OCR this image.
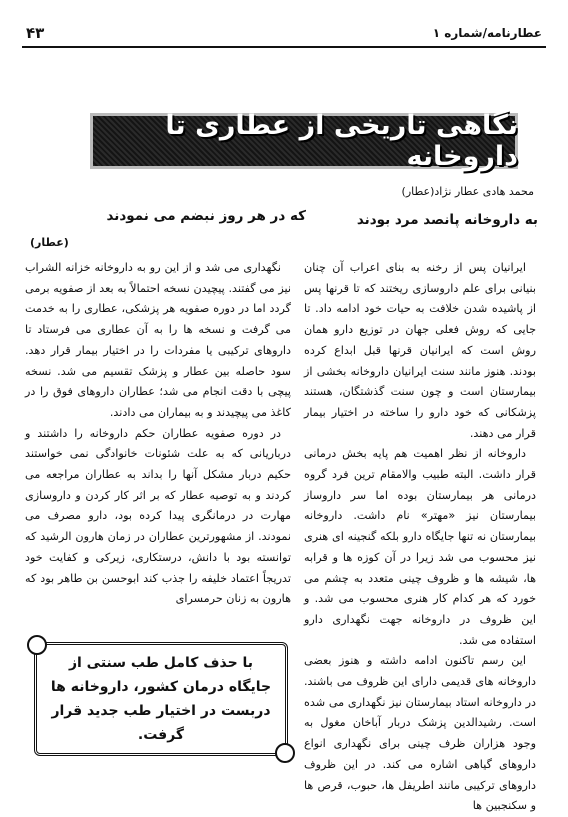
عطارنامه/شماره ۱
۴۳
نگاهی تاریخی از عطاری تا داروخانه
محمد هادی عطار نژاد(عطار)
به داروخانه پانصد مرد بودند
که در هر روز نبضم می نمودند
(عطار)

ایرانیان پس از رخنه به بنای اعراب آن چنان بنیانی برای علم داروسازی ریختند که تا قرنها پس از پاشیده شدن خلافت به حیات خود ادامه داد. تا جایی که روش فعلی جهان در توزیع دارو همان روش است که ایرانیان قرنها قبل ابداع کرده بودند. هنوز مانند سنت ایرانیان داروخانه بخشی از بیمارستان است و چون سنت گذشتگان، هستند پزشکانی که خود دارو را ساخته در اختیار بیمار قرار می دهند.

داروخانه از نظر اهمیت هم پایه بخش درمانی قرار داشت. البته طبیب والامقام ترین فرد گروه درمانی هر بیمارستان بوده اما سر داروساز بیمارستان نیز «مهتر» نام داشت. داروخانه بیمارستان نه تنها جایگاه دارو بلکه گنجینه ای هنری نیز محسوب می شد زیرا در آن کوزه ها و قرابه ها، شیشه ها و ظروف چینی متعدد به چشم می خورد که هر کدام کار هنری محسوب می شد. و این ظروف در داروخانه جهت نگهداری دارو استفاده می شد.

این رسم تاکنون ادامه داشته و هنوز بعضی داروخانه های قدیمی دارای این ظروف می باشند. در داروخانه استاد بیمارستان نیز نگهداری می شده است. رشیدالدین پزشک دربار آباخان مغول به وجود هزاران ظرف چینی برای نگهداری انواع داروهای گیاهی اشاره می کند. در این ظروف داروهای ترکیبی مانند اطریفل ها، حبوب، قرص ها و سکنجبین ها

نگهداری می شد و از این رو به داروخانه خزانه الشراب نیز می گفتند. پیچیدن نسخه احتمالاً به بعد از صفویه برمی گردد اما در دوره صفویه هر پزشکی، عطاری را به خدمت می گرفت و نسخه ها را به آن عطاری می فرستاد تا داروهای ترکیبی یا مفردات را در اختیار بیمار قرار دهد. سود حاصله بین عطار و پزشک تقسیم می شد. نسخه پیچی با دقت انجام می شد؛ عطاران داروهای فوق را در کاغذ می پیچیدند و به بیماران می دادند.

در دوره صفویه عطاران حکم داروخانه را داشتند و درباریانی که به علت شئونات خانوادگی نمی خواستند حکیم دربار مشکل آنها را بداند به عطاران مراجعه می کردند و به توصیه عطار که بر اثر کار کردن و داروسازی مهارت در درمانگری پیدا کرده بود، دارو مصرف می نمودند. از مشهورترین عطاران در زمان هارون الرشید که توانسته بود با دانش، درستکاری، زیرکی و کفایت خود تدریجاً اعتماد خلیفه را جذب کند ابوحسن بن طاهر بود که هارون به زنان حرمسرای

با حذف کامل طب سنتی از جایگاه درمان کشور، داروخانه ها دربست در اختیار طب جدید قرار گرفت.
